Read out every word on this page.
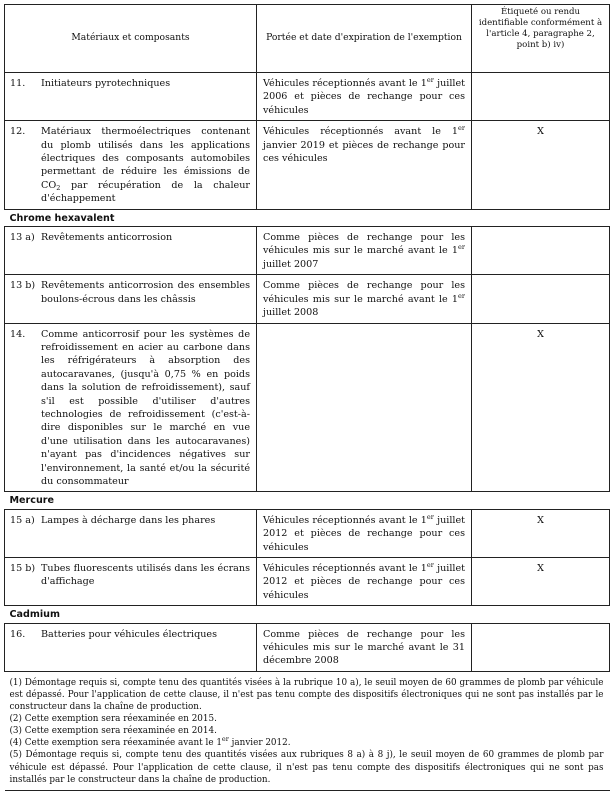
Matériaux et composants	Portée et date d'expiration de l'exemption	Étiqueté ou rendu identifiable conformément à l'article 4, paragraphe 2, point b) iv)

11. Initiateurs pyrotechniques	Véhicules réceptionnés avant le 1er juillet 2006 et pièces de rechange pour ces véhicules	

12. Matériaux thermoélectriques contenant du plomb utilisés dans les applications électriques des composants automobiles permettant de réduire les émissions de $CO_2$ par récupération de la chaleur d'échappement	Véhicules réceptionnés avant le 1er janvier 2019 et pièces de rechange pour ces véhicules	X

Chrome hexavalent		

13 a) Revêtements anticorrosion	Comme pièces de rechange pour les véhicules mis sur le marché avant le 1er juillet 2007	

13 b) Revêtements anticorrosion des ensembles boulons-écrous dans les châssis	Comme pièces de rechange pour les véhicules mis sur le marché avant le 1er juillet 2008	

14. Comme anticorrosif pour les systèmes de refroidissement en acier au carbone dans les réfrigérateurs à absorption des autocaravanes, (jusqu'à 0,75 % en poids dans la solution de refroidissement), sauf s'il est possible d'utiliser d'autres technologies de refroidissement (c'est-à-dire disponibles sur le marché en vue d'une utilisation dans les autocaravanes) n'ayant pas d'incidences négatives sur l'environnement, la santé et/ou la sécurité du consommateur		X

Mercure		

15 a) Lampes à décharge dans les phares	Véhicules réceptionnés avant le 1er juillet 2012 et pièces de rechange pour ces véhicules	X

15 b) Tubes fluorescents utilisés dans les écrans d'affichage	Véhicules réceptionnés avant le 1er juillet 2012 et pièces de rechange pour ces véhicules	X

Cadmium		

16. Batteries pour véhicules électriques	Comme pièces de rechange pour les véhicules mis sur le marché avant le 31 décembre 2008	

(1) Démontage requis si, compte tenu des quantités visées à la rubrique 10 a), le seuil moyen de 60 grammes de plomb par véhicule est dépassé. Pour l'application de cette clause, il n'est pas tenu compte des dispositifs électroniques qui ne sont pas installés par le constructeur dans la chaîne de production.
(2) Cette exemption sera réexaminée en 2015.
(3) Cette exemption sera réexaminée en 2014.
(4) Cette exemption sera réexaminée avant le 1er janvier 2012.
(5) Démontage requis si, compte tenu des quantités visées aux rubriques 8 a) à 8 j), le seuil moyen de 60 grammes de plomb par véhicule est dépassé. Pour l'application de cette clause, il n'est pas tenu compte des dispositifs électroniques qui ne sont pas installés par le constructeur dans la chaîne de production.		
